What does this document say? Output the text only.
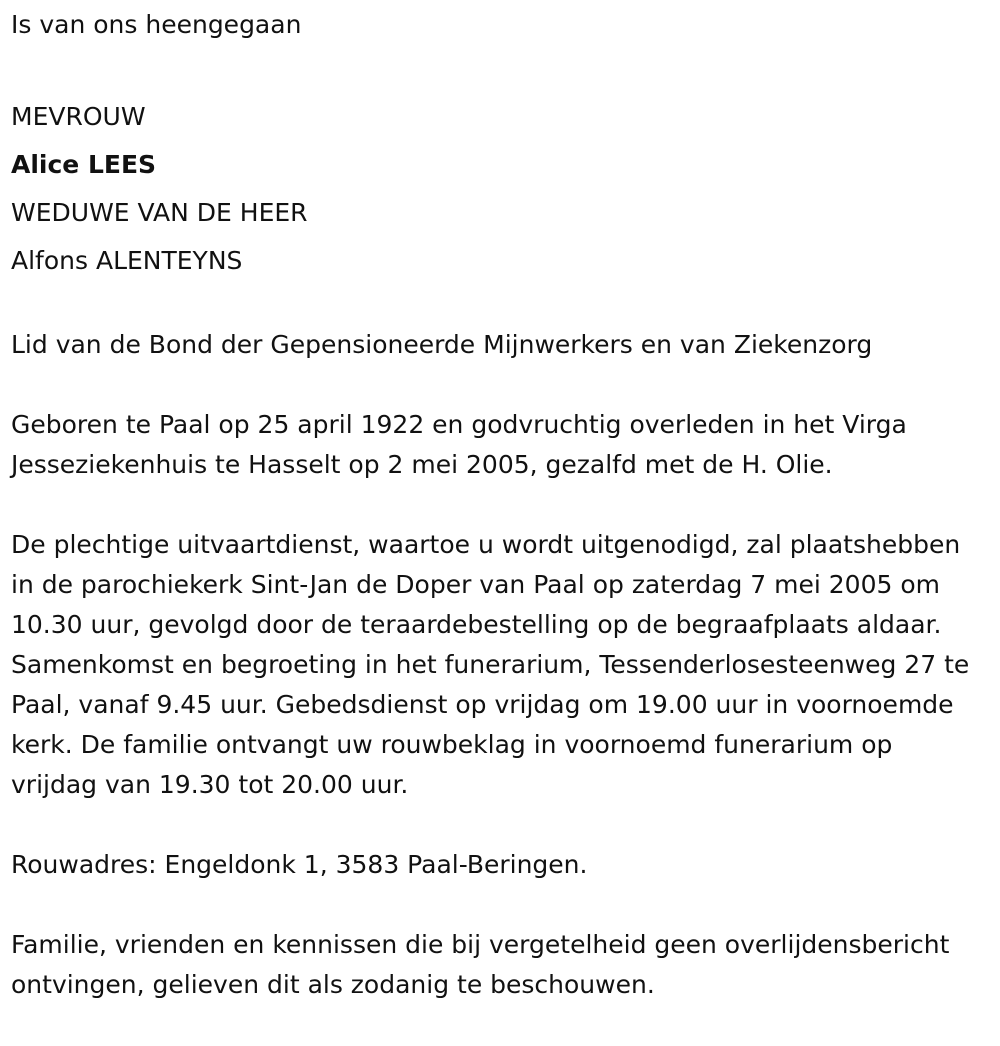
Is van ons heengegaan

MEVROUW

Alice LEES

WEDUWE VAN DE HEER

Alfons ALENTEYNS

Lid van de Bond der Gepensioneerde Mijnwerkers en van Ziekenzorg

Geboren te Paal op 25 april 1922 en godvruchtig overleden in het Virga Jesseziekenhuis te Hasselt op 2 mei 2005, gezalfd met de H. Olie.

De plechtige uitvaartdienst, waartoe u wordt uitgenodigd, zal plaatshebben in de parochiekerk Sint-Jan de Doper van Paal op zaterdag 7 mei 2005 om 10.30 uur, gevolgd door de teraardebestelling op de begraafplaats aldaar. Samenkomst en begroeting in het funerarium, Tessenderlosesteenweg 27 te Paal, vanaf 9.45 uur. Gebedsdienst op vrijdag om 19.00 uur in voornoemde kerk. De familie ontvangt uw rouwbeklag in voornoemd funerarium op vrijdag van 19.30 tot 20.00 uur.

Rouwadres: Engeldonk 1, 3583 Paal-Beringen.

Familie, vrienden en kennissen die bij vergetelheid geen overlijdensbericht ontvingen, gelieven dit als zodanig te beschouwen.
